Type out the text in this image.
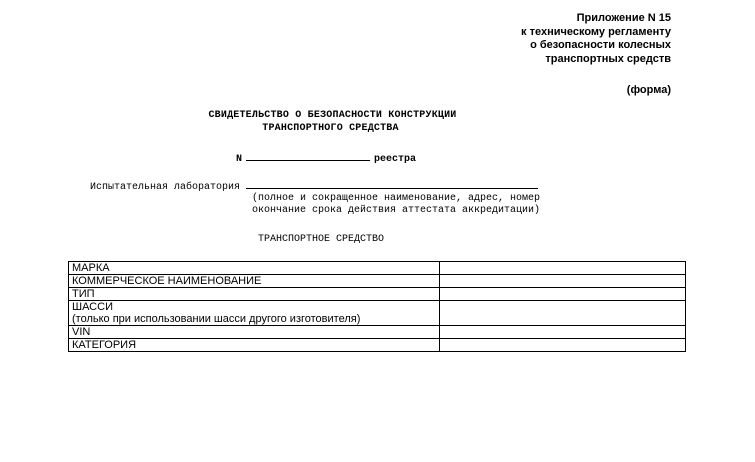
Приложение N 15
к техническому регламенту
о безопасности колесных
транспортных средств
(форма)
СВИДЕТЕЛЬСТВО О БЕЗОПАСНОСТИ КОНСТРУКЦИИ
ТРАНСПОРТНОГО СРЕДСТВА
N	реестра
Испытательная лаборатория
(полное и сокращенное наименование, адрес, номер
окончание срока действия аттестата аккредитации)
ТРАНСПОРТНОЕ СРЕДСТВО
МАРКА	
КОММЕРЧЕСКОЕ НАИМЕНОВАНИЕ	
ТИП	

ШАССИ
(только при использовании шасси другого изготовителя)	

VIN	
КАТЕГОРИЯ	
